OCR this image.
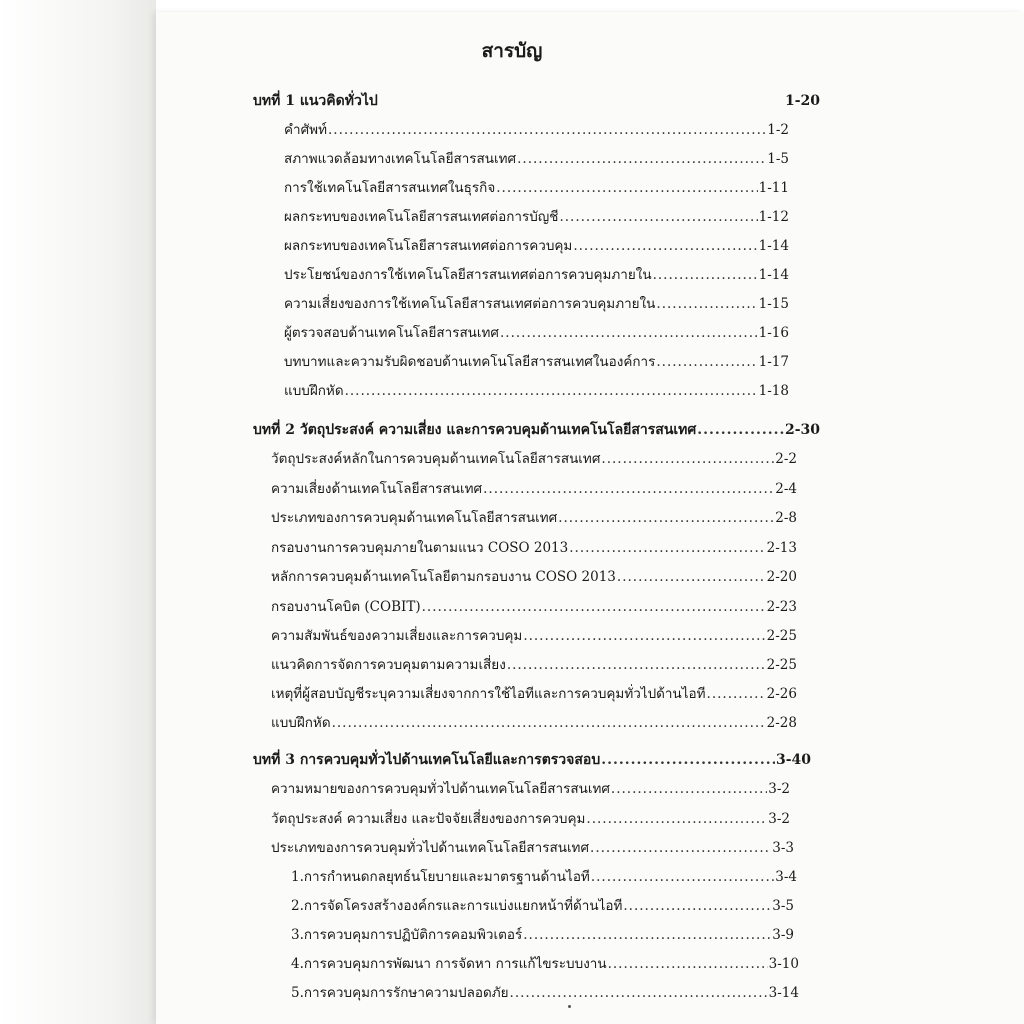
สารบัญ
บทที่ 1 แนวคิดทั่วไป	1-20
คำศัพท์ .....	1-2
สภาพแวดล้อมทางเทคโนโลยีสารสนเทศ .....	1-5
การใช้เทคโนโลยีสารสนเทศในธุรกิจ .....	1-11
ผลกระทบของเทคโนโลยีสารสนเทศต่อการบัญชี .....	1-12
ผลกระทบของเทคโนโลยีสารสนเทศต่อการควบคุม .....	1-14
ประโยชน์ของการใช้เทคโนโลยีสารสนเทศต่อการควบคุมภายใน .....	1-14
ความเสี่ยงของการใช้เทคโนโลยีสารสนเทศต่อการควบคุมภายใน .....	1-15
ผู้ตรวจสอบด้านเทคโนโลยีสารสนเทศ .....	1-16
บทบาทและความรับผิดชอบด้านเทคโนโลยีสารสนเทศในองค์การ .....	1-17
แบบฝึกหัด .....	1-18
บทที่ 2 วัตถุประสงค์ ความเสี่ยง และการควบคุมด้านเทคโนโลยีสารสนเทศ .....	2-30
วัตถุประสงค์หลักในการควบคุมด้านเทคโนโลยีสารสนเทศ .....	2-2
ความเสี่ยงด้านเทคโนโลยีสารสนเทศ .....	2-4
ประเภทของการควบคุมด้านเทคโนโลยีสารสนเทศ .....	2-8
กรอบงานการควบคุมภายในตามแนว COSO 2013 .....	2-13
หลักการควบคุมด้านเทคโนโลยีตามกรอบงาน COSO 2013 .....	2-20
กรอบงานโคบิต (COBIT) .....	2-23
ความสัมพันธ์ของความเสี่ยงและการควบคุม .....	2-25
แนวคิดการจัดการควบคุมตามความเสี่ยง .....	2-25
เหตุที่ผู้สอบบัญชีระบุความเสี่ยงจากการใช้ไอทีและการควบคุมทั่วไปด้านไอที .....	2-26
แบบฝึกหัด .....	2-28
บทที่ 3 การควบคุมทั่วไปด้านเทคโนโลยีและการตรวจสอบ .....	3-40
ความหมายของการควบคุมทั่วไปด้านเทคโนโลยีสารสนเทศ .....	3-2
วัตถุประสงค์ ความเสี่ยง และปัจจัยเสี่ยงของการควบคุม .....	3-2
ประเภทของการควบคุมทั่วไปด้านเทคโนโลยีสารสนเทศ .....	3-3
1.การกำหนดกลยุทธ์นโยบายและมาตรฐานด้านไอที .....	3-4
2.การจัดโครงสร้างองค์กรและการแบ่งแยกหน้าที่ด้านไอที .....	3-5
3.การควบคุมการปฏิบัติการคอมพิวเตอร์ .....	3-9
4.การควบคุมการพัฒนา การจัดหา การแก้ไขระบบงาน .....	3-10
5.การควบคุมการรักษาความปลอดภัย .....	3-14
